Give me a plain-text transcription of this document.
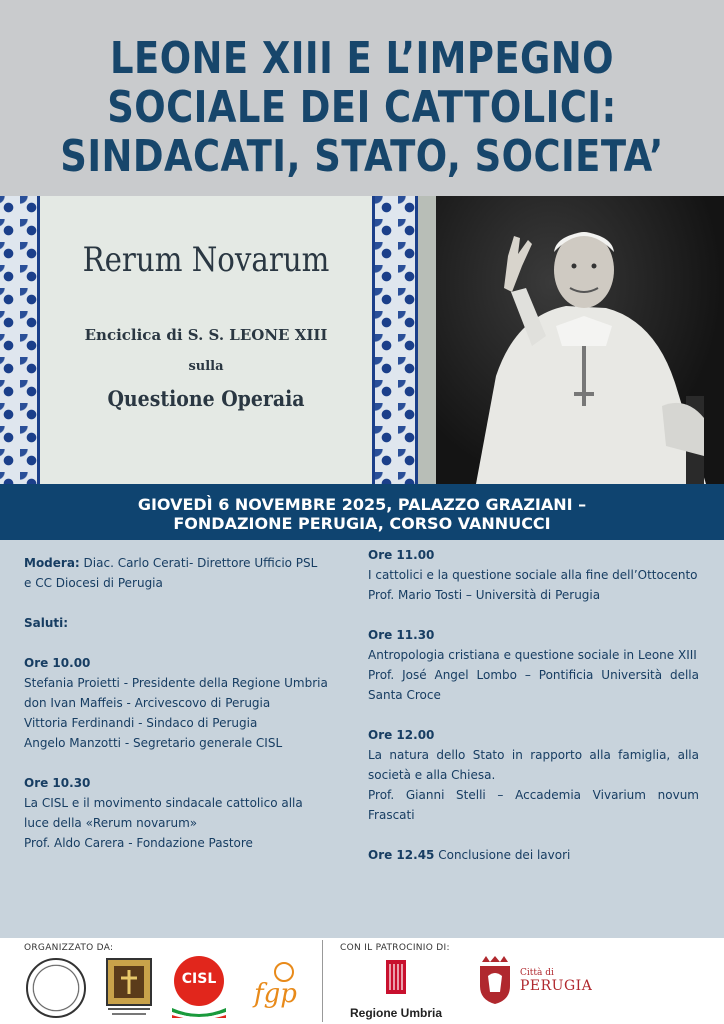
LEONE XIII E L’IMPEGNO
SOCIALE DEI CATTOLICI:
SINDACATI, STATO, SOCIETA’
Rerum Novarum
Enciclica di S. S. LEONE XIII
sulla
Questione Operaia
GIOVEDÌ 6 NOVEMBRE 2025, PALAZZO GRAZIANI –
FONDAZIONE PERUGIA, CORSO VANNUCCI
Modera: Diac. Carlo Cerati- Direttore Ufficio PSL e CC Diocesi di Perugia
Saluti:
Ore 10.00
Stefania Proietti - Presidente della Regione Umbria
don Ivan Maffeis - Arcivescovo di Perugia
Vittoria Ferdinandi - Sindaco di Perugia
Angelo Manzotti - Segretario generale CISL
Ore 10.30
La CISL e il movimento sindacale cattolico alla luce della «Rerum novarum»
Prof. Aldo Carera - Fondazione Pastore
Ore 11.00
I cattolici e la questione sociale alla fine dell’Ottocento
Prof. Mario Tosti – Università di Perugia
Ore 11.30
Antropologia cristiana e questione sociale in Leone XIII
Prof. José Angel Lombo – Pontificia Università della Santa Croce
Ore 12.00
La natura dello Stato in rapporto alla famiglia, alla società e alla Chiesa.
Prof. Gianni Stelli – Accademia Vivarium novum Frascati
Ore 12.45 Conclusione dei lavori
ORGANIZZATO DA:	CON IL PATROCINIO DI:
CISL fgp
Regione Umbria
Città di
PERUGIA
